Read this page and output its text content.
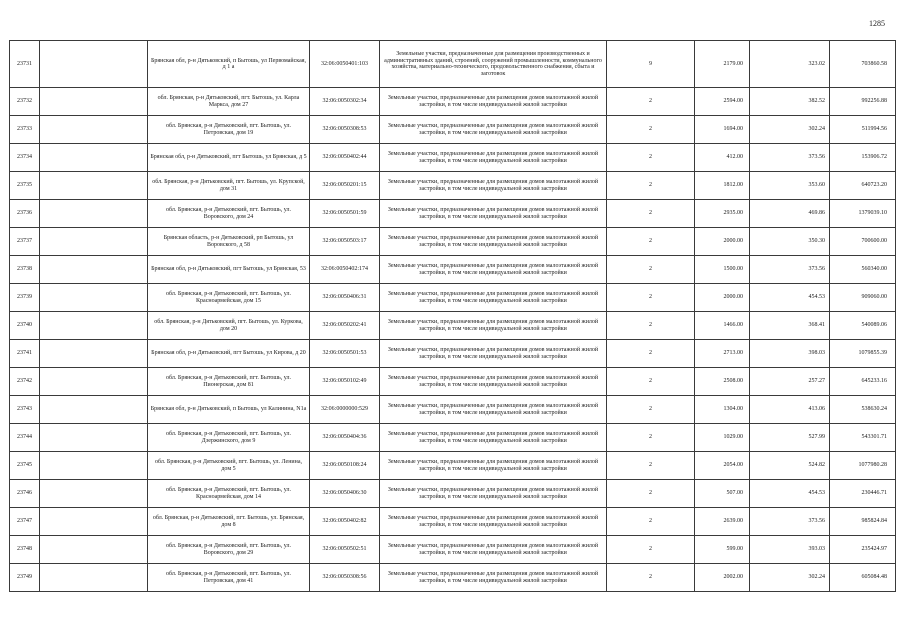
1285
23731		Брянская обл, р-н Дятьковский, п Бытошь, ул Первомайская, д 1 а	32:06:0050401:103	Земельные участки, предназначенные для размещения производственных и административных зданий, строений, сооружений промышленности, коммунального хозяйства, материально-технического, продовольственного снабжения, сбыта и заготовок	9	2179.00	323.02	703860.58
23732		обл. Брянская, р-н Дятьковский, пгт. Бытошь, ул. Карла Маркса, дом 27	32:06:0050302:34	Земельные участки, предназначенные для размещения домов малоэтажной жилой застройки, в том числе индивидуальной жилой застройки	2	2594.00	382.52	992256.88
23733		обл. Брянская, р-н Дятьковский, пгт. Бытошь, ул. Петровская, дом 19	32:06:0050308:53	Земельные участки, предназначенные для размещения домов малоэтажной жилой застройки, в том числе индивидуальной жилой застройки	2	1694.00	302.24	511994.56
23734		Брянская обл, р-н Дятьковский, пгт Бытошь, ул Брянская, д 5	32:06:0050402:44	Земельные участки, предназначенные для размещения домов малоэтажной жилой застройки, в том числе индивидуальной жилой застройки	2	412.00	373.56	153906.72
23735		обл. Брянская, р-н Дятьковский, пгт. Бытошь, ул. Крупской, дом 31	32:06:0050201:15	Земельные участки, предназначенные для размещения домов малоэтажной жилой застройки, в том числе индивидуальной жилой застройки	2	1812.00	353.60	640723.20
23736		обл. Брянская, р-н Дятьковский, пгт. Бытошь, ул. Воровского, дом 24	32:06:0050501:59	Земельные участки, предназначенные для размещения домов малоэтажной жилой застройки, в том числе индивидуальной жилой застройки	2	2935.00	469.86	1379039.10
23737		Брянская область, р-н Дятьковский, рп Бытошь, ул Воровского, д 58	32:06:0050503:17	Земельные участки, предназначенные для размещения домов малоэтажной жилой застройки, в том числе индивидуальной жилой застройки	2	2000.00	350.30	700600.00
23738		Брянская обл, р-н Дятьковский, пгт Бытошь, ул Брянская, 53	32:06:0050402:174	Земельные участки, предназначенные для размещения домов малоэтажной жилой застройки, в том числе индивидуальной жилой застройки	2	1500.00	373.56	560340.00
23739		обл. Брянская, р-н Дятьковский, пгт. Бытошь, ул. Красноармейская, дом 15	32:06:0050406:31	Земельные участки, предназначенные для размещения домов малоэтажной жилой застройки, в том числе индивидуальной жилой застройки	2	2000.00	454.53	909060.00
23740		обл. Брянская, р-н Дятьковский, пгт. Бытошь, ул. Куркова, дом 20	32:06:0050202:41	Земельные участки, предназначенные для размещения домов малоэтажной жилой застройки, в том числе индивидуальной жилой застройки	2	1466.00	368.41	540089.06
23741		Брянская обл, р-н Дятьковский, пгт Бытошь, ул Кирова, д 20	32:06:0050501:53	Земельные участки, предназначенные для размещения домов малоэтажной жилой застройки, в том числе индивидуальной жилой застройки	2	2713.00	398.03	1079855.39
23742		обл. Брянская, р-н Дятьковский, пгт. Бытошь, ул. Пионерская, дом 81	32:06:0050102:49	Земельные участки, предназначенные для размещения домов малоэтажной жилой застройки, в том числе индивидуальной жилой застройки	2	2508.00	257.27	645233.16
23743		Брянская обл, р-н Дятьковский, п Бытошь, ул Калинина, N1а	32:06:0000000:529	Земельные участки, предназначенные для размещения домов малоэтажной жилой застройки, в том числе индивидуальной жилой застройки	2	1304.00	413.06	538630.24
23744		обл. Брянская, р-н Дятьковский, пгт. Бытошь, ул. Дзержинского, дом 9	32:06:0050404:36	Земельные участки, предназначенные для размещения домов малоэтажной жилой застройки, в том числе индивидуальной жилой застройки	2	1029.00	527.99	543301.71
23745		обл. Брянская, р-н Дятьковский, пгт. Бытошь, ул. Ленина, дом 5	32:06:0050108:24	Земельные участки, предназначенные для размещения домов малоэтажной жилой застройки, в том числе индивидуальной жилой застройки	2	2054.00	524.82	1077980.28
23746		обл. Брянская, р-н Дятьковский, пгт. Бытошь, ул. Красноармейская, дом 14	32:06:0050406:30	Земельные участки, предназначенные для размещения домов малоэтажной жилой застройки, в том числе индивидуальной жилой застройки	2	507.00	454.53	230446.71
23747		обл. Брянская, р-н Дятьковский, пгт. Бытошь, ул. Брянская, дом 8	32:06:0050402:82	Земельные участки, предназначенные для размещения домов малоэтажной жилой застройки, в том числе индивидуальной жилой застройки	2	2639.00	373.56	985824.84
23748		обл. Брянская, р-н Дятьковский, пгт. Бытошь, ул. Воровского, дом 29	32:06:0050502:51	Земельные участки, предназначенные для размещения домов малоэтажной жилой застройки, в том числе индивидуальной жилой застройки	2	599.00	393.03	235424.97
23749		обл. Брянская, р-н Дятьковский, пгт. Бытошь, ул. Петровская, дом 41	32:06:0050308:56	Земельные участки, предназначенные для размещения домов малоэтажной жилой застройки, в том числе индивидуальной жилой застройки	2	2002.00	302.24	605084.48
